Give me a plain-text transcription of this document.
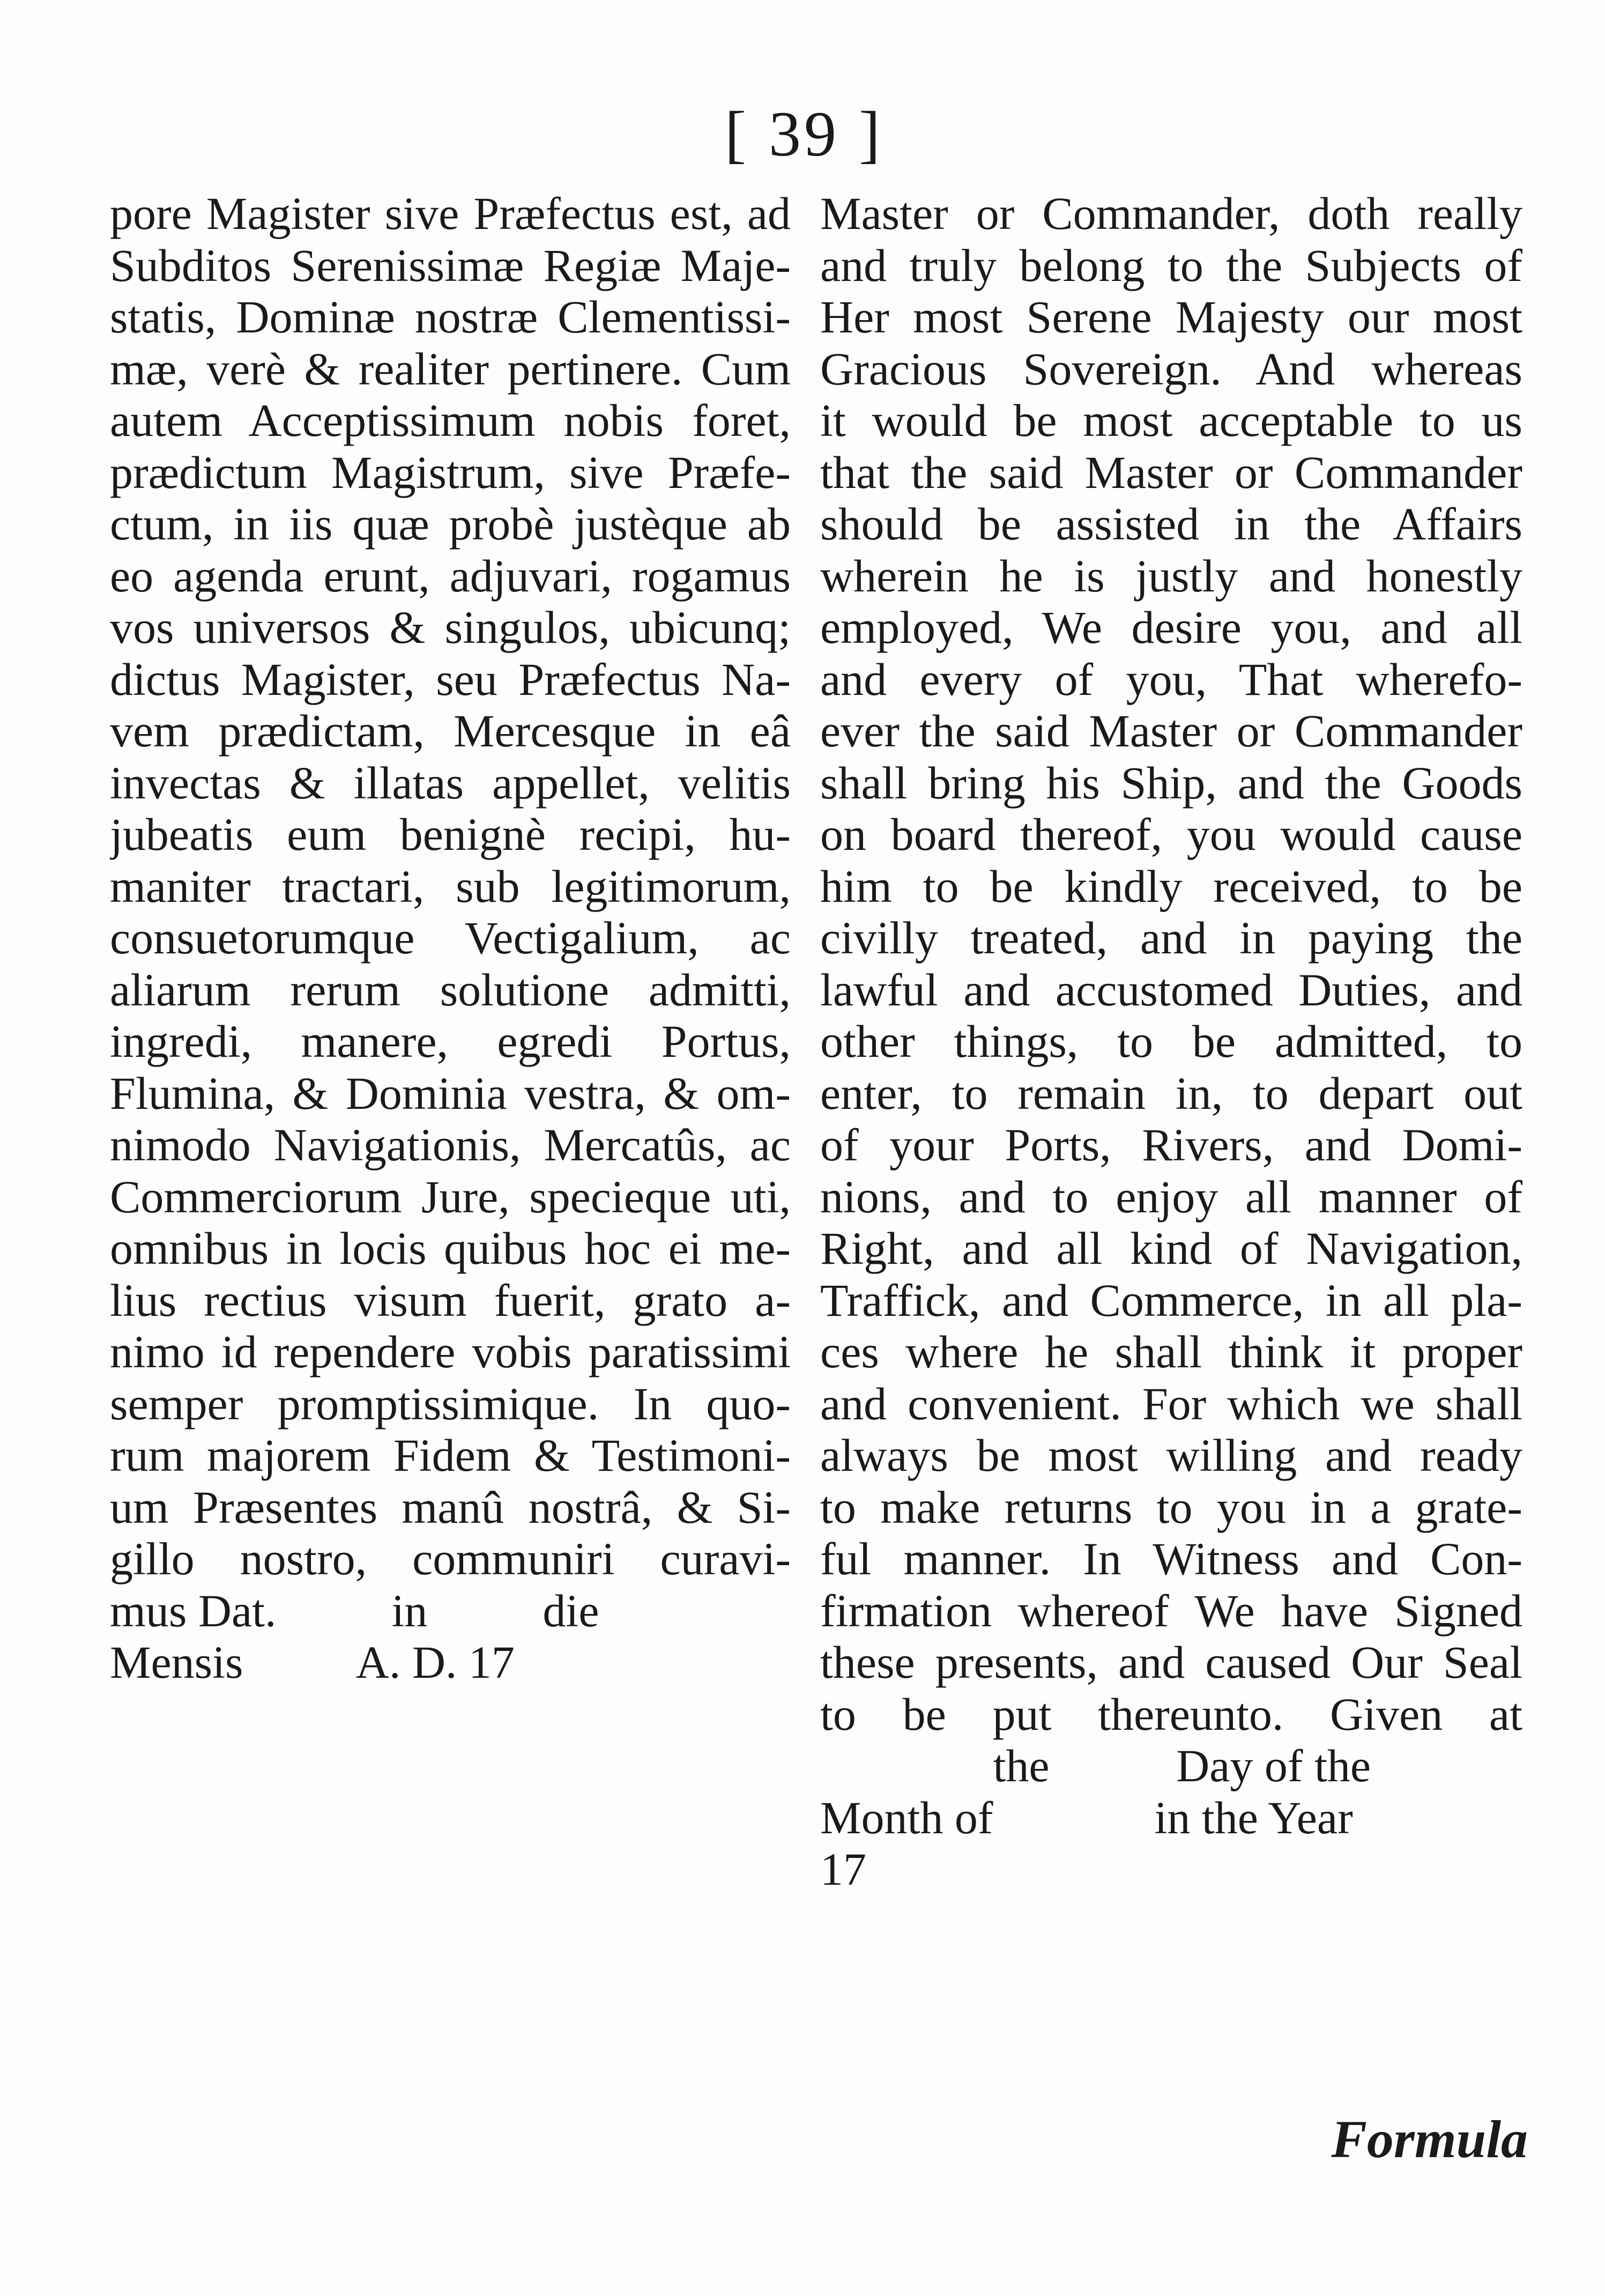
[ 39 ]
pore Magister sive Præfectus est, ad
Subditos Serenissimæ Regiæ Maje-
statis, Dominæ nostræ Clementissi-
mæ, verè & realiter pertinere. Cum
autem Acceptissimum nobis foret,
prædictum Magistrum, sive Præfe-
ctum, in iis quæ probè justèque ab
eo agenda erunt, adjuvari, rogamus
vos universos & singulos, ubicunq;
dictus Magister, seu Præfectus Na-
vem prædictam, Mercesque in eâ
invectas & illatas appellet, velitis
jubeatis eum benignè recipi, hu-
maniter tractari, sub legitimorum,
consuetorumque Vectigalium, ac
aliarum rerum solutione admitti,
ingredi, manere, egredi Portus,
Flumina, & Dominia vestra, & om-
nimodo Navigationis, Mercatûs, ac
Commerciorum Jure, specieque uti,
omnibus in locis quibus hoc ei me-
lius rectius visum fuerit, grato a-
nimo id rependere vobis paratissimi
semper promptissimique. In quo-
rum majorem Fidem & Testimoni-
um Præsentes manû nostrâ, & Si-
gillo nostro, communiri curavi-
mus Dat.          in          die
Mensis          A. D. 17
Master or Commander, doth really
and truly belong to the Subjects of
Her most Serene Majesty our most
Gracious Sovereign. And whereas
it would be most acceptable to us
that the said Master or Commander
should be assisted in the Affairs
wherein he is justly and honestly
employed, We desire you, and all
and every of you, That wherefo-
ever the said Master or Commander
shall bring his Ship, and the Goods
on board thereof, you would cause
him to be kindly received, to be
civilly treated, and in paying the
lawful and accustomed Duties, and
other things, to be admitted, to
enter, to remain in, to depart out
of your Ports, Rivers, and Domi-
nions, and to enjoy all manner of
Right, and all kind of Navigation,
Traffick, and Commerce, in all pla-
ces where he shall think it proper
and convenient. For which we shall
always be most willing and ready
to make returns to you in a grate-
ful manner. In Witness and Con-
firmation whereof We have Signed
these presents, and caused Our Seal
to be put thereunto. Given at
the           Day of the
Month of              in the Year
17
Formula
